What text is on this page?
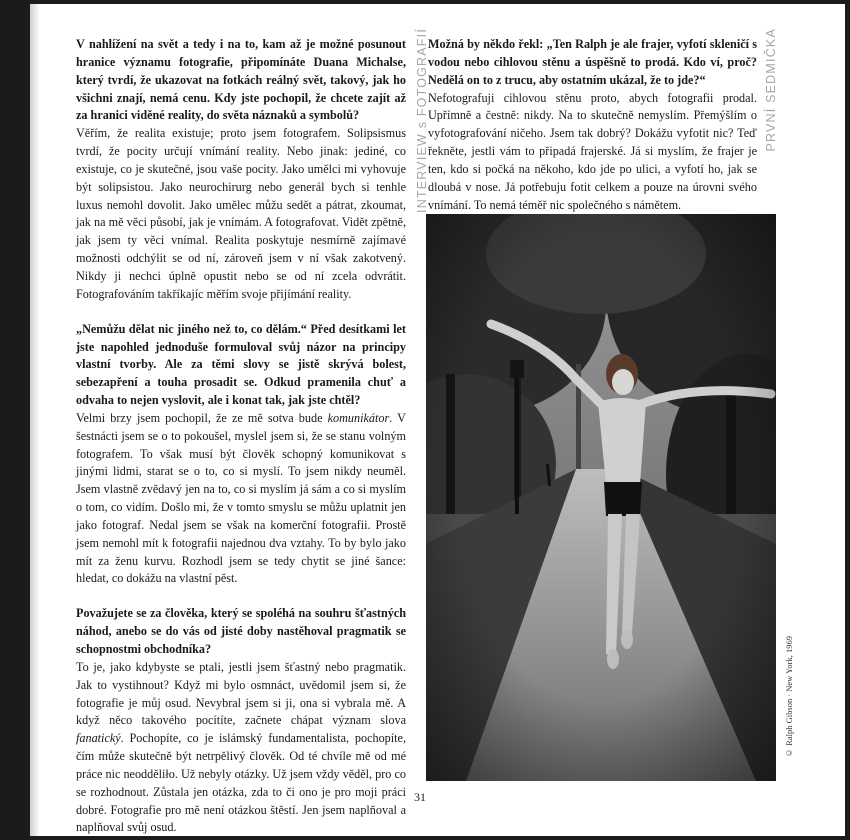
V nahlížení na svět a tedy i na to, kam až je možné posunout hranice významu fotografie, připomínáte Duana Michalse, který tvrdí, že ukazovat na fotkách reálný svět, takový, jak ho všichni znají, nemá cenu. Kdy jste pochopil, že chcete zajít až za hranici viděné reality, do světa náznaků a symbolů?

Věřím, že realita existuje; proto jsem fotografem. Solipsismus tvrdí, že pocity určují vnímání reality. Nebo jinak: jediné, co existuje, co je skutečné, jsou vaše pocity. Jako umělci mi vyhovuje být solipsistou. Jako neurochirurg nebo generál bych si tenhle luxus nemohl dovolit. Jako umělec můžu sedět a pátrat, zkoumat, jak na mě věci působí, jak je vnímám. A fotografovat. Vidět zpětně, jak jsem ty věci vnímal. Realita poskytuje nesmírně zajímavé možnosti odchýlit se od ní, zároveň jsem v ní však zakotvený. Nikdy ji nechci úplně opustit nebo se od ní zcela odvrátit. Fotografováním takříkajíc měřím svoje přijímání reality.

„Nemůžu dělat nic jiného než to, co dělám.“ Před desítkami let jste napohled jednoduše formuloval svůj názor na principy vlastní tvorby. Ale za těmi slovy se jistě skrývá bolest, sebezapření a touha prosadit se. Odkud pramenila chuť a odvaha to nejen vyslovit, ale i konat tak, jak jste chtěl?

Velmi brzy jsem pochopil, že ze mě sotva bude komunikátor. V šestnácti jsem se o to pokoušel, myslel jsem si, že se stanu volným fotografem. To však musí být člověk schopný komunikovat s jinými lidmi, starat se o to, co si myslí. To jsem nikdy neuměl. Jsem vlastně zvědavý jen na to, co si myslím já sám a co si myslím o tom, co vidím. Došlo mi, že v tomto smyslu se můžu uplatnit jen jako fotograf. Nedal jsem se však na komerční fotografii. Prostě jsem nemohl mít k fotografii najednou dva vztahy. To by bylo jako mít za ženu kurvu. Rozhodl jsem se tedy chytit se jiné šance: hledat, co dokážu na vlastní pěst.

Považujete se za člověka, který se spoléhá na souhru šťastných náhod, anebo se do vás od jisté doby nastěhoval pragmatik se schopnostmi obchodníka?

To je, jako kdybyste se ptali, jestli jsem šťastný nebo pragmatik. Jak to vystihnout? Když mi bylo osmnáct, uvědomil jsem si, že fotografie je můj osud. Nevybral jsem si ji, ona si vybrala mě. A když něco takového pocítíte, začnete chápat význam slova fanatický. Pochopíte, co je islámský fundamentalista, pochopíte, čím může skutečně být netrpělivý člověk. Od té chvíle mě od mé práce nic neodděliło. Už nebyly otázky. Už jsem vždy věděl, pro co se rozhodnout. Zůstala jen otázka, zda to či ono je pro moji práci dobré. Fotografie pro mě není otázkou štěstí. Jen jsem naplňoval a naplňoval svůj osud.

INTERVIEW s FOTOGRAFIÍ Možná by někdo řekl: „Ten Ralph je ale frajer, vyfotí skleničí s vodou nebo cihlovou stěnu a úspěšně to prodá. Kdo ví, proč? Nedělá on to z trucu, aby ostatním ukázal, že to jde?“

Nefotografuji cihlovou stěnu proto, abych fotografii prodal. Upřímně a čestně: nikdy. Na to skutečně nemyslím. Přemýšlím o vyfotografování ničeho. Jsem tak dobrý? Dokážu vyfotit nic? Teď řekněte, jestli vám to připadá frajerské. Já si myslím, že frajer je ten, kdo si počká na někoho, kdo jde po ulici, a vyfotí ho, jak se dloubá v nose. Já potřebuju fotit celkem a pouze na úrovni svého vnímání. To nemá téměř nic společného s námětem.

PRVNÍ SEDMIČKA
© Ralph Gibson · New York, 1969
31
